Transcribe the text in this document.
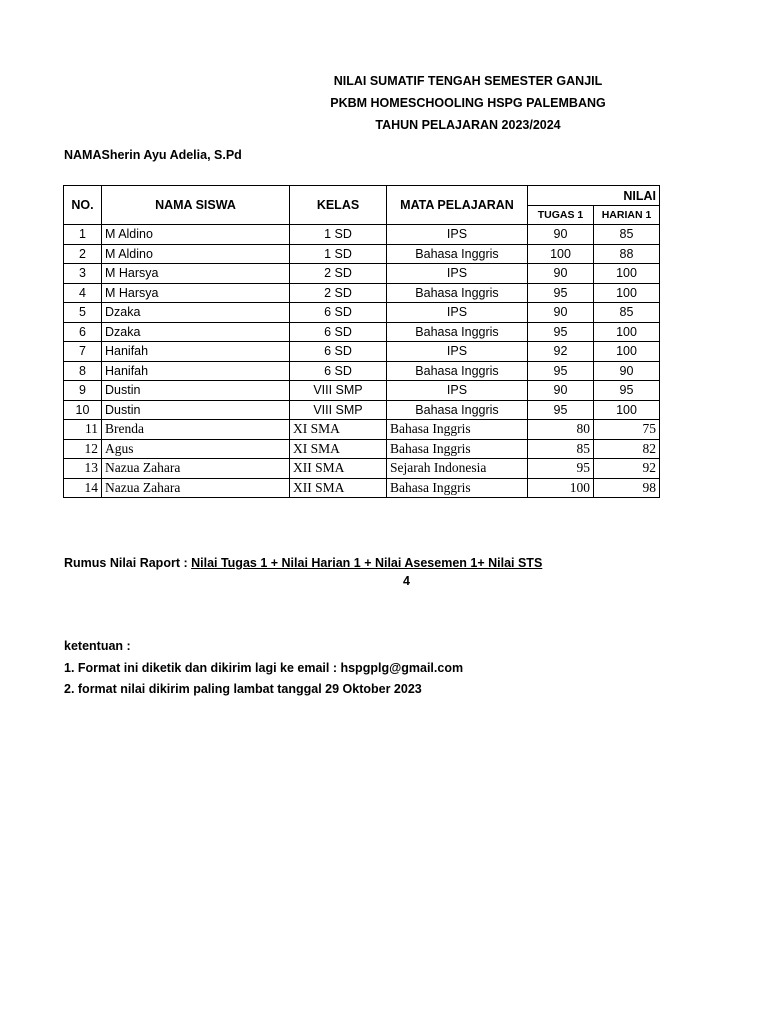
NILAI SUMATIF TENGAH SEMESTER GANJIL
PKBM HOMESCHOOLING HSPG PALEMBANG
TAHUN PELAJARAN 2023/2024
NAMASherin Ayu Adelia, S.Pd
NO.	NAMA SISWA	KELAS	MATA PELAJARAN	NILAI	
				TUGAS 1	HARIAN 1
1	M Aldino	1 SD	IPS	90	85
2	M Aldino	1 SD	Bahasa Inggris	100	88
3	M Harsya	2 SD	IPS	90	100
4	M Harsya	2 SD	Bahasa Inggris	95	100
5	Dzaka	6 SD	IPS	90	85
6	Dzaka	6 SD	Bahasa Inggris	95	100
7	Hanifah	6 SD	IPS	92	100
8	Hanifah	6 SD	Bahasa Inggris	95	90
9	Dustin	VIII SMP	IPS	90	95
10	Dustin	VIII SMP	Bahasa Inggris	95	100
11	Brenda	XI SMA	Bahasa Inggris	80	75
12	Agus	XI SMA	Bahasa Inggris	85	82
13	Nazua Zahara	XII SMA	Sejarah Indonesia	95	92
14	Nazua Zahara	XII SMA	Bahasa Inggris	100	98
Rumus Nilai Raport : Nilai Tugas 1 + Nilai Harian 1 + Nilai Asesemen 1+ Nilai STS
4
ketentuan :
1. Format ini diketik dan dikirim lagi ke email : hspgplg@gmail.com
2. format nilai dikirim paling lambat tanggal 29 Oktober 2023
